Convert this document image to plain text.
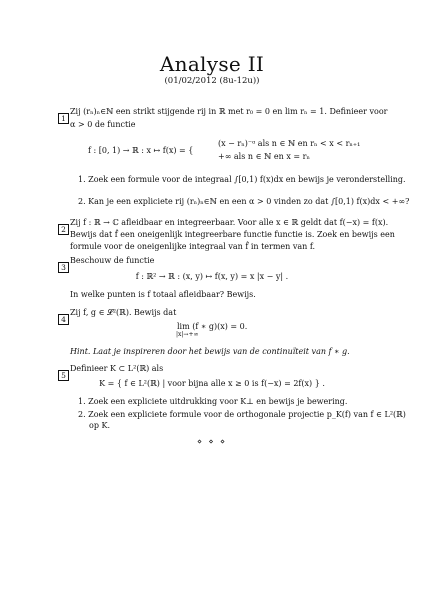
Analyse II
(01/02/2012 (8u-12u))
1
Zij (rₙ)ₙ∈ℕ een strikt stijgende rij in ℝ met r₀ = 0 en lim rₙ = 1. Definieer voor
α > 0 de functie
f : [0, 1) → ℝ : x ↦ f(x) = {
(x − rₙ)⁻ᵅ als n ∈ ℕ en rₙ < x < rₙ₊₁
+∞ als n ∈ ℕ en x = rₙ
1. Zoek een formule voor de integraal ∫[0,1) f(x)dx en bewijs je veronderstelling.
2. Kan je een expliciete rij (rₙ)ₙ∈ℕ en een α > 0 vinden zo dat ∫[0,1) f(x)dx < +∞?
2
Zij f : ℝ → ℂ afleidbaar en integreerbaar. Voor alle x ∈ ℝ geldt dat f(−x) = f(x).
Bewijs dat f̂ een oneigenlijk integreerbare functie functie is. Zoek en bewijs een
formule voor de oneigenlijke integraal van f̂ in termen van f.
3
Beschouw de functie
f : ℝ² → ℝ : (x, y) ↦ f(x, y) = x |x − y| .
In welke punten is f totaal afleidbaar? Bewijs.
4
Zij f, g ∈ 𝓛²(ℝ). Bewijs dat
lim (f ∗ g)(x) = 0.
|x|→+∞
Hint. Laat je inspireren door het bewijs van de continuïteit van f ∗ g.
5
Definieer K ⊂ L²(ℝ) als
K = { f ∈ L²(ℝ) | voor bijna alle x ≥ 0 is f(−x) = 2f(x) } .
1. Zoek een expliciete uitdrukking voor K⊥ en bewijs je bewering.
2. Zoek een expliciete formule voor de orthogonale projectie p_K(f) van f ∈ L²(ℝ)
op K.
⋄ ⋄ ⋄
